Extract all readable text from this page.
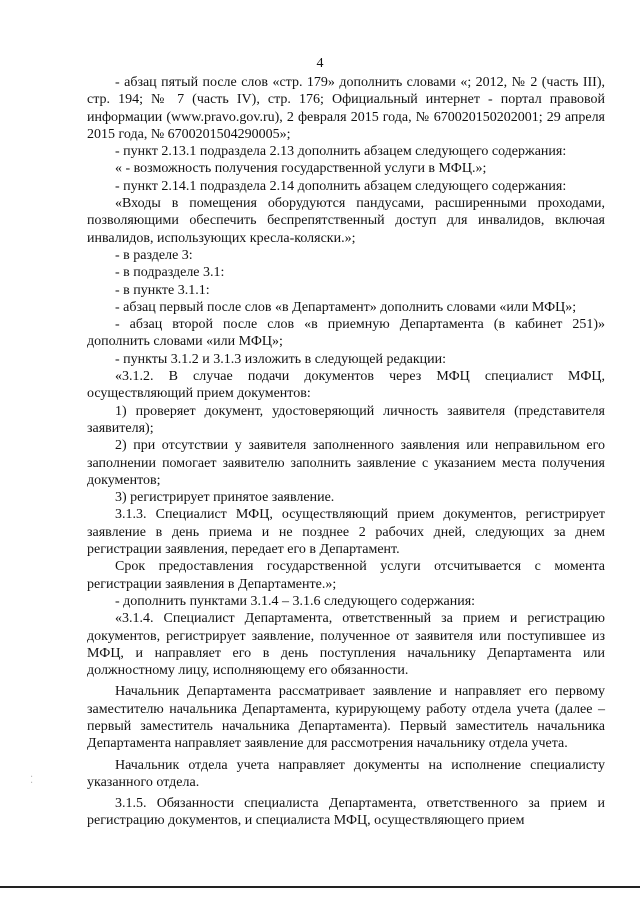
4

- абзац пятый после слов «стр. 179» дополнить словами «; 2012, № 2 (часть III), стр. 194; № 7 (часть IV), стр. 176; Официальный интернет - портал правовой информации (www.pravo.gov.ru), 2 февраля 2015 года, № 670020150202001; 29 апреля 2015 года, № 6700201504290005»;

- пункт 2.13.1 подраздела 2.13 дополнить абзацем следующего содержания:

« - возможность получения государственной услуги в МФЦ.»;

- пункт 2.14.1 подраздела 2.14 дополнить абзацем следующего содержания:

«Входы в помещения оборудуются пандусами, расширенными проходами, позволяющими обеспечить беспрепятственный доступ для инвалидов, включая инвалидов, использующих кресла-коляски.»;

- в разделе 3:

- в подразделе 3.1:

- в пункте 3.1.1:

- абзац первый после слов «в Департамент» дополнить словами «или МФЦ»;

- абзац второй после слов «в приемную Департамента (в кабинет 251)» дополнить словами «или МФЦ»;

- пункты 3.1.2 и 3.1.3 изложить в следующей редакции:

«3.1.2. В случае подачи документов через МФЦ специалист МФЦ, осуществляющий прием документов:

1) проверяет документ, удостоверяющий личность заявителя (представителя заявителя);

2) при отсутствии у заявителя заполненного заявления или неправильном его заполнении помогает заявителю заполнить заявление с указанием места получения документов;

3) регистрирует принятое заявление.

3.1.3. Специалист МФЦ, осуществляющий прием документов, регистрирует заявление в день приема и не позднее 2 рабочих дней, следующих за днем регистрации заявления, передает его в Департамент.

Срок предоставления государственной услуги отсчитывается с момента регистрации заявления в Департаменте.»;

- дополнить пунктами 3.1.4 – 3.1.6 следующего содержания:

«3.1.4. Специалист Департамента, ответственный за прием и регистрацию документов, регистрирует заявление, полученное от заявителя или поступившее из МФЦ, и направляет его в день поступления начальнику Департамента или должностному лицу, исполняющему его обязанности.

Начальник Департамента рассматривает заявление и направляет его первому заместителю начальника Департамента, курирующему работу отдела учета (далее – первый заместитель начальника Департамента). Первый заместитель начальника Департамента направляет заявление для рассмотрения начальнику отдела учета.

Начальник отдела учета направляет документы на исполнение специалисту указанного отдела.

3.1.5. Обязанности специалиста Департамента, ответственного за прием и регистрацию документов, и специалиста МФЦ, осуществляющего прием

⁚
